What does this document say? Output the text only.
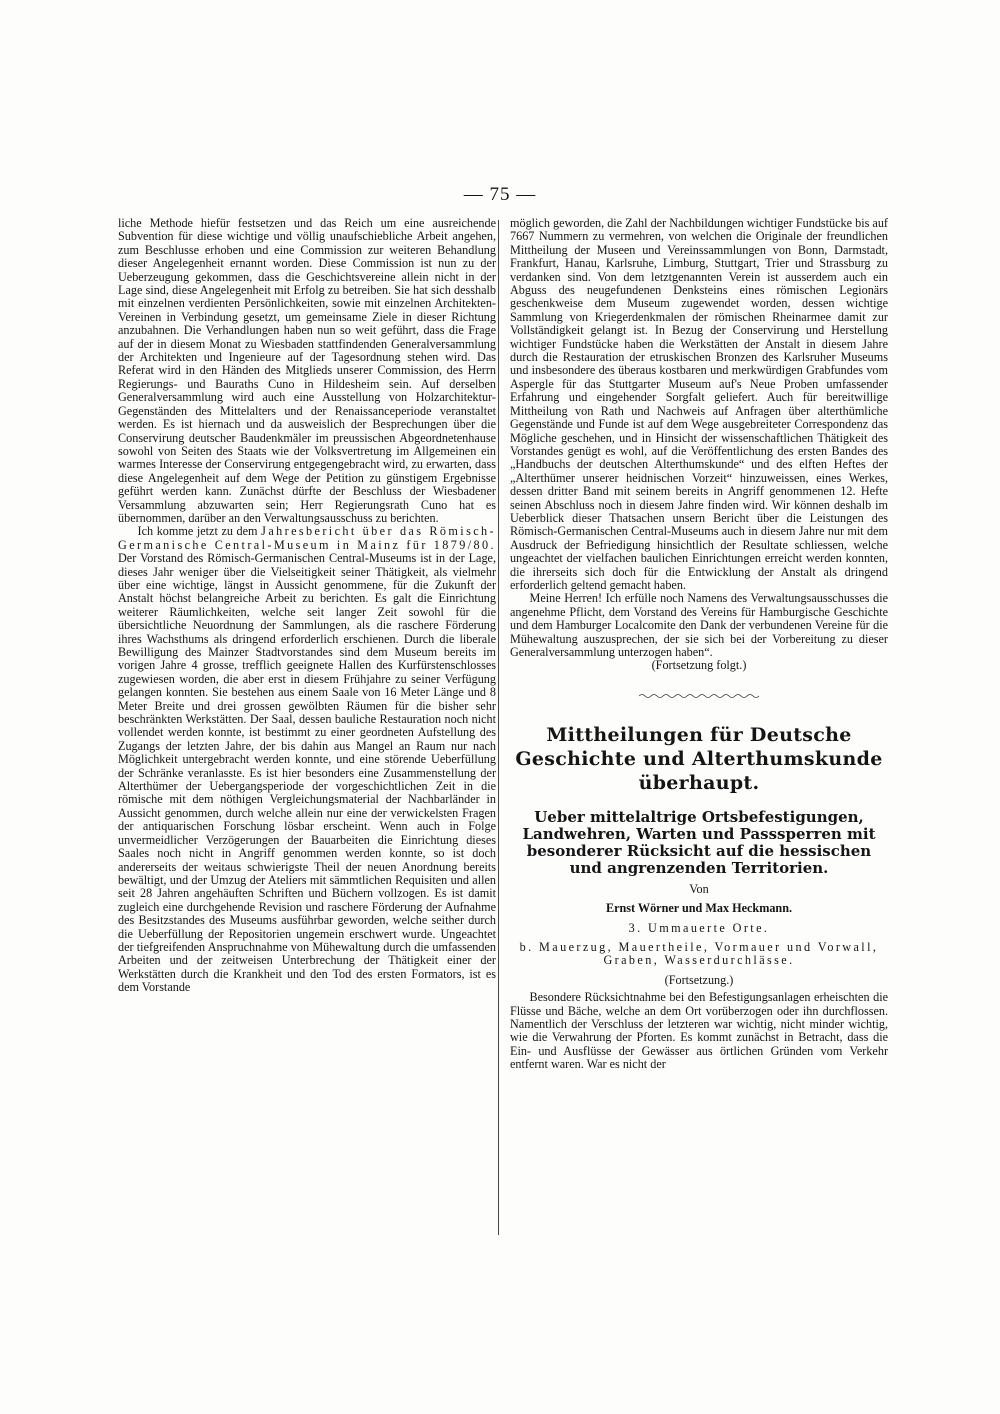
— 75 —

liche Methode hiefür festsetzen und das Reich um eine ausreichende Subvention für diese wichtige und völlig unaufschiebliche Arbeit angehen, zum Beschlusse erhoben und eine Commission zur weiteren Behandlung dieser Angelegenheit ernannt worden. Diese Commission ist nun zu der Ueberzeugung gekommen, dass die Geschichtsvereine allein nicht in der Lage sind, diese Angelegenheit mit Erfolg zu betreiben. Sie hat sich desshalb mit einzelnen verdienten Persönlichkeiten, sowie mit einzelnen Architekten-Vereinen in Verbindung gesetzt, um gemeinsame Ziele in dieser Richtung anzubahnen. Die Verhandlungen haben nun so weit geführt, dass die Frage auf der in diesem Monat zu Wiesbaden stattfindenden Generalversammlung der Architekten und Ingenieure auf der Tagesordnung stehen wird. Das Referat wird in den Händen des Mitglieds unserer Commission, des Herrn Regierungs- und Bauraths Cuno in Hildesheim sein. Auf derselben Generalversammlung wird auch eine Ausstellung von Holzarchitektur-Gegenständen des Mittelalters und der Renaissanceperiode veranstaltet werden. Es ist hiernach und da ausweislich der Besprechungen über die Conservirung deutscher Baudenkmäler im preussischen Abgeordnetenhause sowohl von Seiten des Staats wie der Volksvertretung im Allgemeinen ein warmes Interesse der Conservirung entgegengebracht wird, zu erwarten, dass diese Angelegenheit auf dem Wege der Petition zu günstigem Ergebnisse geführt werden kann. Zunächst dürfte der Beschluss der Wiesbadener Versammlung abzuwarten sein; Herr Regierungsrath Cuno hat es übernommen, darüber an den Verwaltungsausschuss zu berichten.

Ich komme jetzt zu dem Jahresbericht über das Römisch-Germanische Central-Museum in Mainz für 1879/80. Der Vorstand des Römisch-Germanischen Central-Museums ist in der Lage, dieses Jahr weniger über die Vielseitigkeit seiner Thätigkeit, als vielmehr über eine wichtige, längst in Aussicht genommene, für die Zukunft der Anstalt höchst belangreiche Arbeit zu berichten. Es galt die Einrichtung weiterer Räumlichkeiten, welche seit langer Zeit sowohl für die übersichtliche Neuordnung der Sammlungen, als die raschere Förderung ihres Wachsthums als dringend erforderlich erschienen. Durch die liberale Bewilligung des Mainzer Stadtvorstandes sind dem Museum bereits im vorigen Jahre 4 grosse, trefflich geeignete Hallen des Kurfürstenschlosses zugewiesen worden, die aber erst in diesem Frühjahre zu seiner Verfügung gelangen konnten. Sie bestehen aus einem Saale von 16 Meter Länge und 8 Meter Breite und drei grossen gewölbten Räumen für die bisher sehr beschränkten Werkstätten. Der Saal, dessen bauliche Restauration noch nicht vollendet werden konnte, ist bestimmt zu einer geordneten Aufstellung des Zugangs der letzten Jahre, der bis dahin aus Mangel an Raum nur nach Möglichkeit untergebracht werden konnte, und eine störende Ueberfüllung der Schränke veranlasste. Es ist hier besonders eine Zusammenstellung der Alterthümer der Uebergangsperiode der vorgeschichtlichen Zeit in die römische mit dem nöthigen Vergleichungsmaterial der Nachbarländer in Aussicht genommen, durch welche allein nur eine der verwickelsten Fragen der antiquarischen Forschung lösbar erscheint. Wenn auch in Folge unvermeidlicher Verzögerungen der Bauarbeiten die Einrichtung dieses Saales noch nicht in Angriff genommen werden konnte, so ist doch andererseits der weitaus schwierigste Theil der neuen Anordnung bereits bewältigt, und der Umzug der Ateliers mit sämmtlichen Requisiten und allen seit 28 Jahren angehäuften Schriften und Büchern vollzogen. Es ist damit zugleich eine durchgehende Revision und raschere Förderung der Aufnahme des Besitzstandes des Museums ausführbar geworden, welche seither durch die Ueberfüllung der Repositorien ungemein erschwert wurde. Ungeachtet der tiefgreifenden Anspruchnahme von Mühewaltung durch die umfassenden Arbeiten und der zeitweisen Unterbrechung der Thätigkeit einer der Werkstätten durch die Krankheit und den Tod des ersten Formators, ist es dem Vorstande

möglich geworden, die Zahl der Nachbildungen wichtiger Fundstücke bis auf 7667 Nummern zu vermehren, von welchen die Originale der freundlichen Mittheilung der Museen und Vereinssammlungen von Bonn, Darmstadt, Frankfurt, Hanau, Karlsruhe, Limburg, Stuttgart, Trier und Strassburg zu verdanken sind. Von dem letztgenannten Verein ist ausserdem auch ein Abguss des neugefundenen Denksteins eines römischen Legionärs geschenkweise dem Museum zugewendet worden, dessen wichtige Sammlung von Kriegerdenkmalen der römischen Rheinarmee damit zur Vollständigkeit gelangt ist. In Bezug der Conservirung und Herstellung wichtiger Fundstücke haben die Werkstätten der Anstalt in diesem Jahre durch die Restauration der etruskischen Bronzen des Karlsruher Museums und insbesondere des überaus kostbaren und merkwürdigen Grabfundes vom Aspergle für das Stuttgarter Museum auf's Neue Proben umfassender Erfahrung und eingehender Sorgfalt geliefert. Auch für bereitwillige Mittheilung von Rath und Nachweis auf Anfragen über alterthümliche Gegenstände und Funde ist auf dem Wege ausgebreiteter Correspondenz das Mögliche geschehen, und in Hinsicht der wissenschaftlichen Thätigkeit des Vorstandes genügt es wohl, auf die Veröffentlichung des ersten Bandes des „Handbuchs der deutschen Alterthumskunde“ und des elften Heftes der „Alterthümer unserer heidnischen Vorzeit“ hinzuweissen, eines Werkes, dessen dritter Band mit seinem bereits in Angriff genommenen 12. Hefte seinen Abschluss noch in diesem Jahre finden wird. Wir können deshalb im Ueberblick dieser Thatsachen unsern Bericht über die Leistungen des Römisch-Germanischen Central-Museums auch in diesem Jahre nur mit dem Ausdruck der Befriedigung hinsichtlich der Resultate schliessen, welche ungeachtet der vielfachen baulichen Einrichtungen erreicht werden konnten, die ihrerseits sich doch für die Entwicklung der Anstalt als dringend erforderlich geltend gemacht haben.

Meine Herren! Ich erfülle noch Namens des Verwaltungsausschusses die angenehme Pflicht, dem Vorstand des Vereins für Hamburgische Geschichte und dem Hamburger Localcomite den Dank der verbundenen Vereine für die Mühewaltung auszusprechen, der sie sich bei der Vorbereitung zu dieser Generalversammlung unterzogen haben“.

(Fortsetzung folgt.)

Mittheilungen für Deutsche Geschichte und Alterthumskunde überhaupt.
Ueber mittelaltrige Ortsbefestigungen, Landwehren, Warten und Passsperren mit besonderer Rücksicht auf die hessischen und angrenzenden Territorien.
Von
Ernst Wörner und Max Heckmann.
3. Ummauerte Orte.
b. Mauerzug, Mauertheile, Vormauer und Vorwall, Graben, Wasserdurchlässe.
(Fortsetzung.)

Besondere Rücksichtnahme bei den Befestigungsanlagen erheischten die Flüsse und Bäche, welche an dem Ort vorüberzogen oder ihn durchflossen. Namentlich der Verschluss der letzteren war wichtig, nicht minder wichtig, wie die Verwahrung der Pforten. Es kommt zunächst in Betracht, dass die Ein- und Ausflüsse der Gewässer aus örtlichen Gründen vom Verkehr entfernt waren. War es nicht der
